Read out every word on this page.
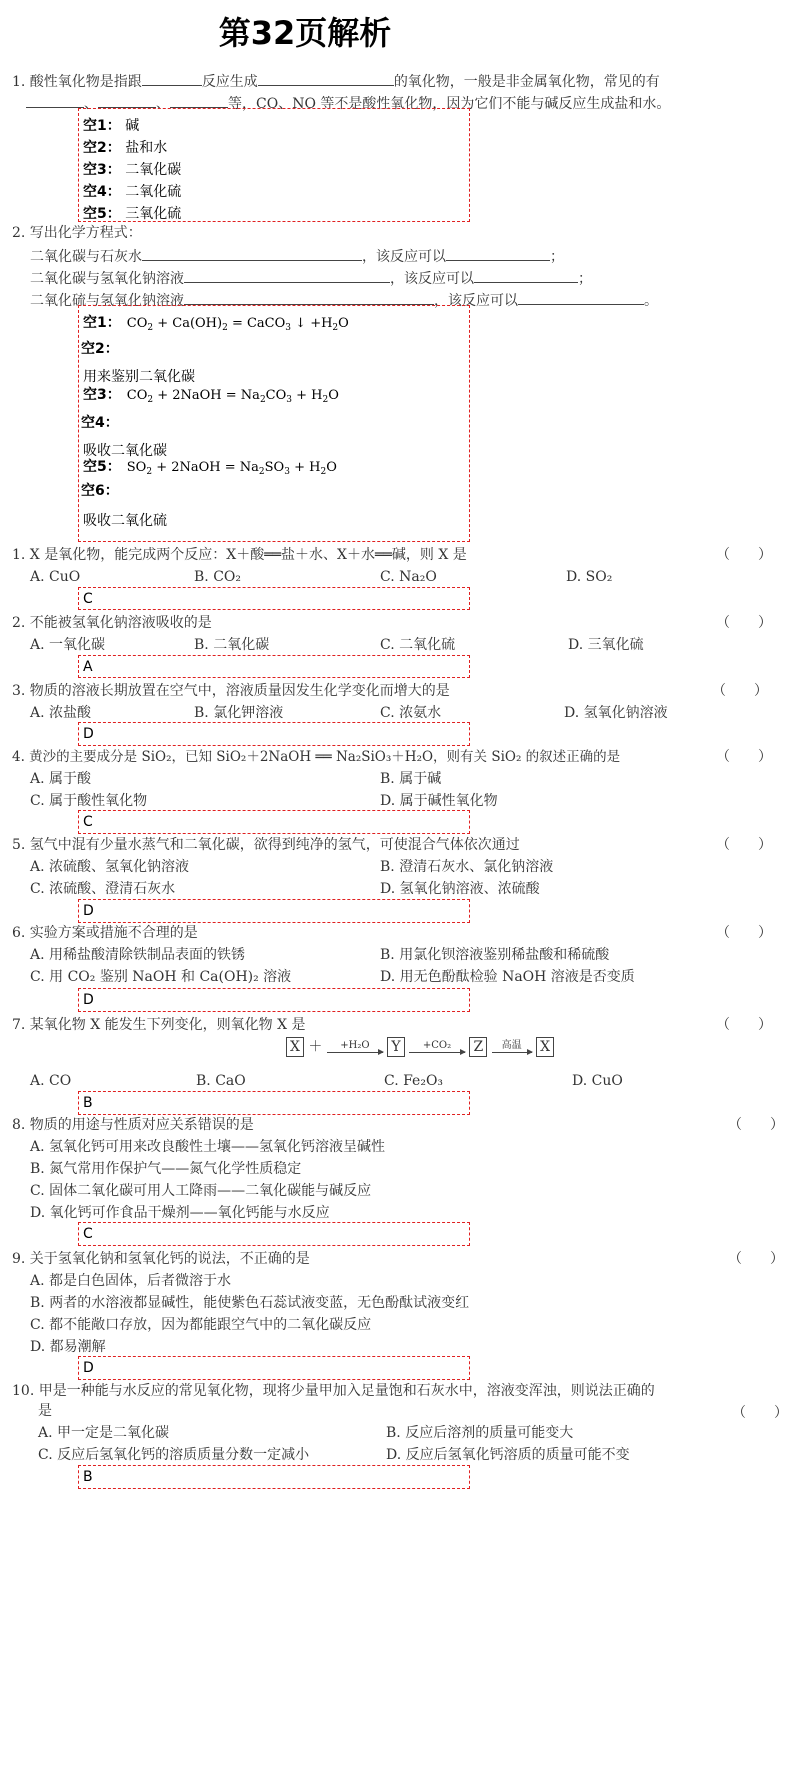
第32页解析
1. 酸性氧化物是指跟	反应生成	的氧化物，一般是非金属氧化物，常见的有
、	、	等，CO、NO 等不是酸性氧化物，因为它们不能与碱反应生成盐和水。
空1： 碱
空2： 盐和水
空3： 二氧化碳
空4： 二氧化硫
空5： 三氧化硫
2. 写出化学方程式：
二氧化碳与石灰水	，该反应可以	；
二氧化碳与氢氧化钠溶液	，该反应可以	；
二氧化硫与氢氧化钠溶液	，该反应可以	。
空1： $CO_2 + Ca(OH)_2$ = CaCO$_3$ ↓ $+H_2O$
空2：
用来鉴别二氧化碳
空3： $CO_2$ + 2NaOH = $Na_2CO_3 + H_2O$
空4：
吸收二氧化碳
空5： $SO_2$ + 2NaOH = $Na_2SO_3 + H_2O$
空6：
吸收二氧化硫
1. X 是氧化物，能完成两个反应：X＋酸══盐＋水、X＋水══碱，则 X 是	（　　）
A. CuO	B. CO₂	C. Na₂O	D. SO₂
C
2. 不能被氢氧化钠溶液吸收的是	（　　）
A. 一氧化碳	B. 二氧化碳	C. 二氧化硫	D. 三氧化硫
A
3. 物质的溶液长期放置在空气中，溶液质量因发生化学变化而增大的是	（　　）
A. 浓盐酸	B. 氯化钾溶液	C. 浓氨水	D. 氢氧化钠溶液
D
4. 黄沙的主要成分是 SiO₂，已知 SiO₂＋2NaOH ══ Na₂SiO₃＋H₂O，则有关 SiO₂ 的叙述正确的是	（　　）
A. 属于酸	B. 属于碱
C. 属于酸性氧化物	D. 属于碱性氧化物
C
5. 氢气中混有少量水蒸气和二氧化碳，欲得到纯净的氢气，可使混合气体依次通过	（　　）
A. 浓硫酸、氢氧化钠溶液	B. 澄清石灰水、氯化钠溶液
C. 浓硫酸、澄清石灰水	D. 氢氧化钠溶液、浓硫酸
D
6. 实验方案或措施不合理的是	（　　）
A. 用稀盐酸清除铁制品表面的铁锈	B. 用氯化钡溶液鉴别稀盐酸和稀硫酸
C. 用 CO₂ 鉴别 NaOH 和 Ca(OH)₂ 溶液	D. 用无色酚酞检验 NaOH 溶液是否变质
D
7. 某氧化物 X 能发生下列变化，则氧化物 X 是	（　　）
X ＋	+H₂O	Y	+CO₂	Z	高温	X
A. CO	B. CaO	C. Fe₂O₃	D. CuO
B
8. 物质的用途与性质对应关系错误的是	（　　）
A. 氢氧化钙可用来改良酸性土壤——氢氧化钙溶液呈碱性
B. 氮气常用作保护气——氮气化学性质稳定
C. 固体二氧化碳可用人工降雨——二氧化碳能与碱反应
D. 氧化钙可作食品干燥剂——氧化钙能与水反应
C
9. 关于氢氧化钠和氢氧化钙的说法，不正确的是	（　　）
A. 都是白色固体，后者微溶于水
B. 两者的水溶液都显碱性，能使紫色石蕊试液变蓝，无色酚酞试液变红
C. 都不能敞口存放，因为都能跟空气中的二氧化碳反应
D. 都易潮解
D
10. 甲是一种能与水反应的常见氧化物，现将少量甲加入足量饱和石灰水中，溶液变浑浊，则说法正确的
是	（　　）
A. 甲一定是二氧化碳	B. 反应后溶剂的质量可能变大
C. 反应后氢氧化钙的溶质质量分数一定减小	D. 反应后氢氧化钙溶质的质量可能不变
B
